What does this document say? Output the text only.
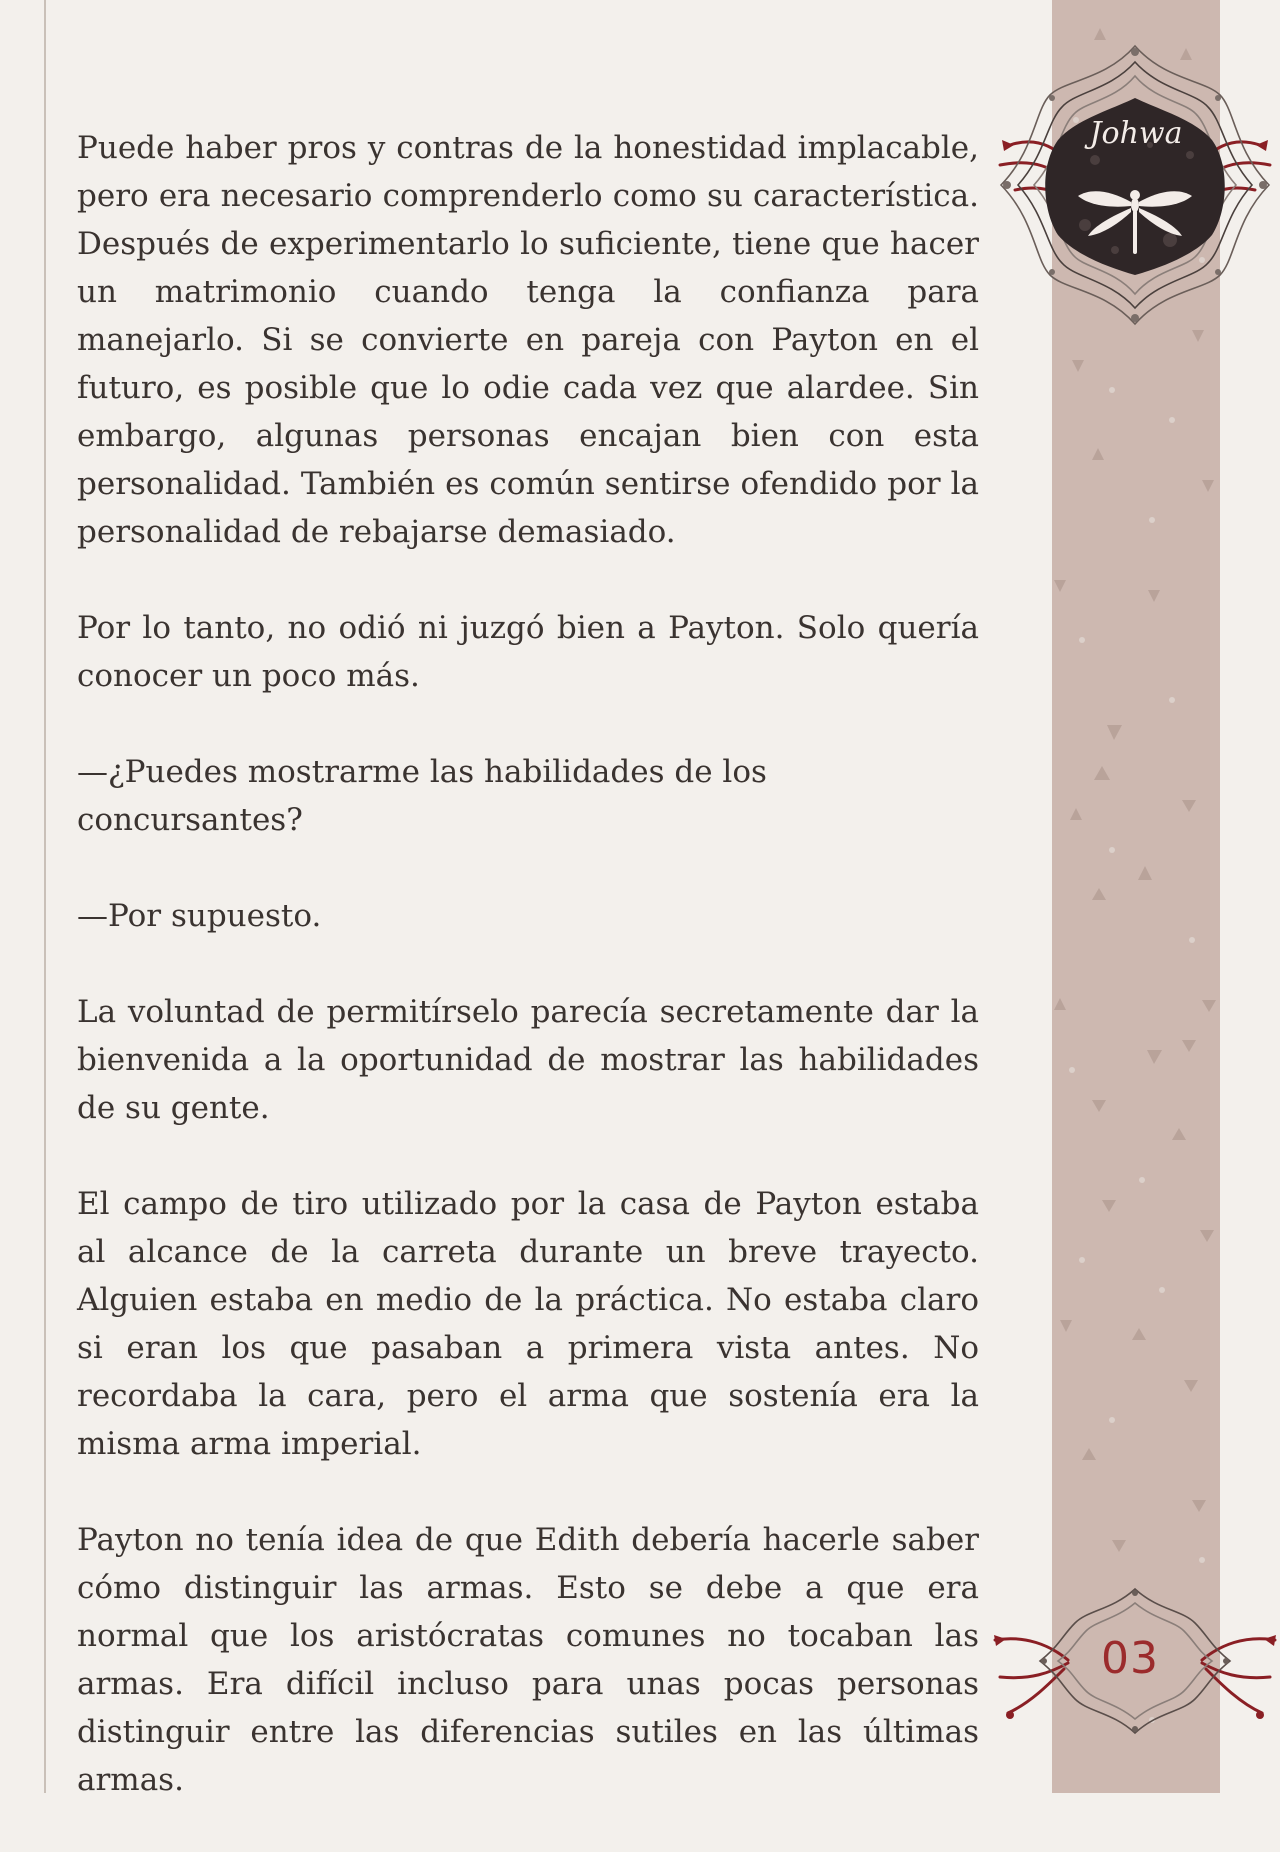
Puede haber pros y contras de la honestidad implacable, pero era necesario comprenderlo como su característica. Después de experimentarlo lo suficiente, tiene que hacer un matrimonio cuando tenga la confianza para manejarlo. Si se convierte en pareja con Payton en el futuro, es posible que lo odie cada vez que alardee. Sin embargo, algunas personas encajan bien con esta personalidad. También es común sentirse ofendido por la personalidad de rebajarse demasiado.

Por lo tanto, no odió ni juzgó bien a Payton. Solo quería conocer un poco más.

—¿Puedes mostrarme las habilidades de los concursantes?

—Por supuesto.

La voluntad de permitírselo parecía secretamente dar la bienvenida a la oportunidad de mostrar las habilidades de su gente.

El campo de tiro utilizado por la casa de Payton estaba al alcance de la carreta durante un breve trayecto. Alguien estaba en medio de la práctica. No estaba claro si eran los que pasaban a primera vista antes. No recordaba la cara, pero el arma que sostenía era la misma arma imperial.

Payton no tenía idea de que Edith debería hacerle saber cómo distinguir las armas. Esto se debe a que era normal que los aristócratas comunes no tocaban las armas. Era difícil incluso para unas pocas personas distinguir entre las diferencias sutiles en las últimas armas.

Johwa
03
